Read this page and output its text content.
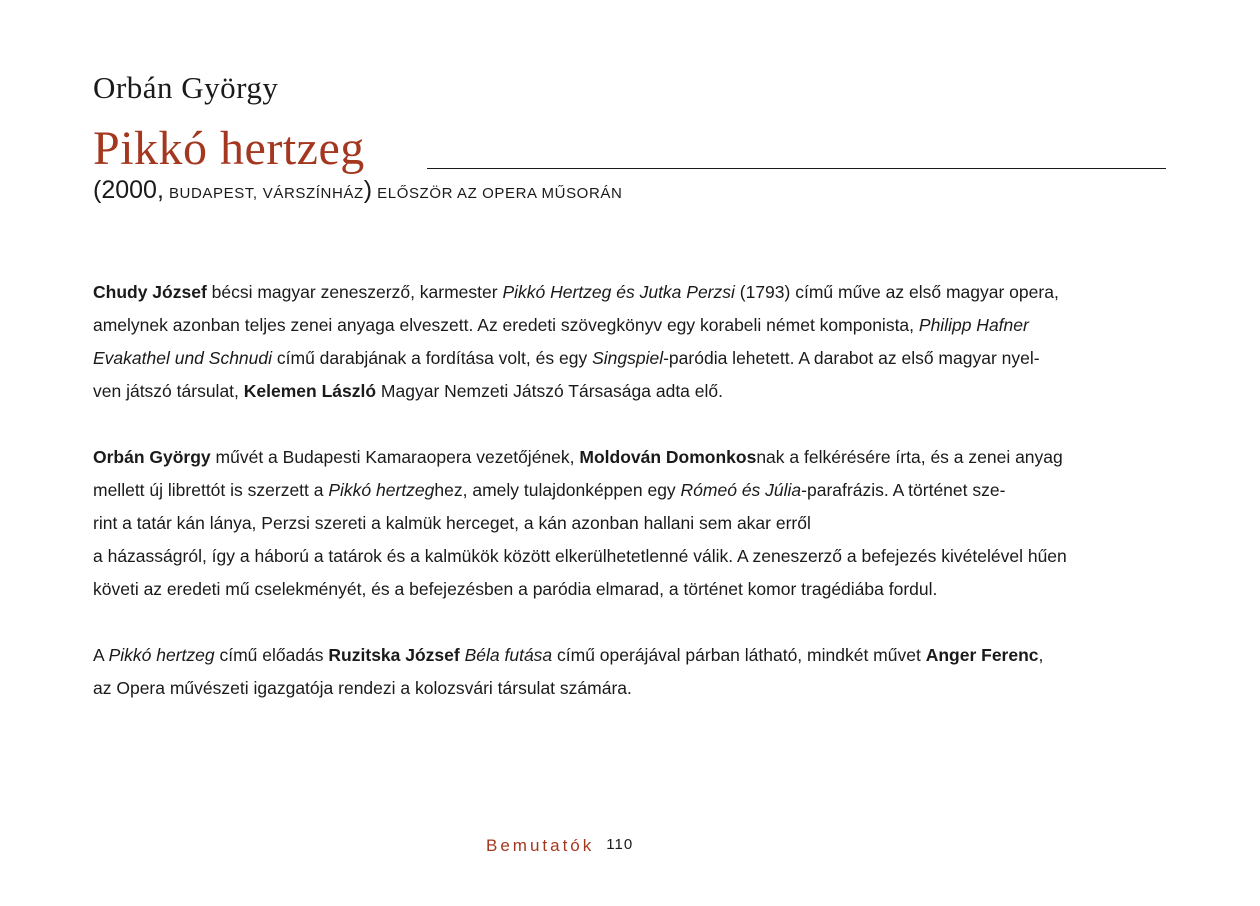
Orbán György
Pikkó hertzeg
(2000, BUDAPEST, VÁRSZÍNHÁZ) ELŐSZÖR AZ OPERA MŰSORÁN

Chudy József bécsi magyar zeneszerző, karmester Pikkó Hertzeg és Jutka Perzsi (1793) című műve az első magyar opera,
amelynek azonban teljes zenei anyaga elveszett. Az eredeti szövegkönyv egy korabeli német komponista, Philipp Hafner
Evakathel und Schnudi című darabjának a fordítása volt, és egy Singspiel-paródia lehetett. A darabot az első magyar nyel-
ven játszó társulat, Kelemen László Magyar Nemzeti Játszó Társasága adta elő.

Orbán György művét a Budapesti Kamaraopera vezetőjének, Moldován Domonkosnak a felkérésére írta, és a zenei anyag
mellett új librettót is szerzett a Pikkó hertzeghez, amely tulajdonképpen egy Rómeó és Júlia-parafrázis. A történet sze-
rint a tatár kán lánya, Perzsi szereti a kalmük herceget, a kán azonban hallani sem akar erről
a házasságról, így a háború a tatárok és a kalmükök között elkerülhetetlenné válik. A zeneszerző a befejezés kivételével hűen
követi az eredeti mű cselekményét, és a befejezésben a paródia elmarad, a történet komor tragédiába fordul.

A Pikkó hertzeg című előadás Ruzitska József Béla futása című operájával párban látható, mindkét művet Anger Ferenc,
az Opera művészeti igazgatója rendezi a kolozsvári társulat számára.

Bemutatók 110
